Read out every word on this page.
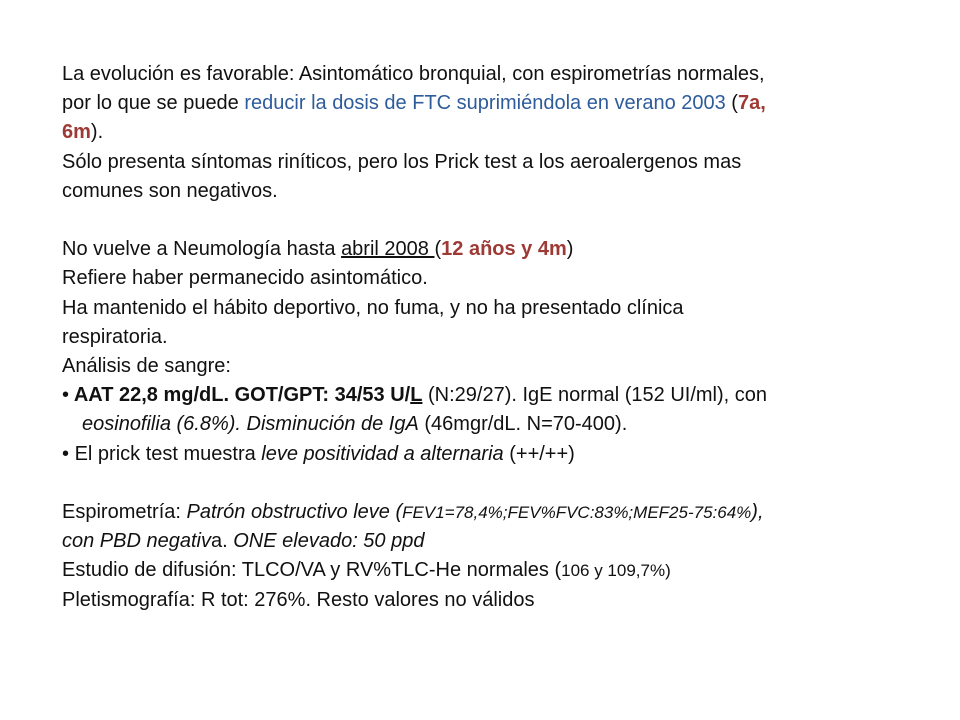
La evolución es favorable: Asintomático bronquial, con espirometrías normales,
por lo que se puede reducir la dosis de FTC suprimiéndola en verano 2003 (7a,
6m).
Sólo presenta síntomas riníticos, pero los Prick test a los aeroalergenos mas
comunes son negativos.
No vuelve a Neumología hasta abril 2008 (12 años y 4m)
Refiere haber permanecido asintomático.
Ha mantenido el hábito deportivo, no fuma, y no ha presentado clínica
respiratoria.
Análisis de sangre:
• AAT 22,8 mg/dL. GOT/GPT: 34/53 U/L (N:29/27). IgE normal (152 UI/ml), con
eosinofilia (6.8%). Disminución de IgA (46mgr/dL. N=70-400).
• El prick test muestra leve positividad a alternaria (++/++)
Espirometría: Patrón obstructivo leve (FEV1=78,4%;FEV%FVC:83%;MEF25-75:64%),
con PBD negativa. ONE elevado: 50 ppd
Estudio de difusión: TLCO/VA y RV%TLC-He normales (106 y 109,7%)
Pletismografía: R tot: 276%. Resto valores no válidos
